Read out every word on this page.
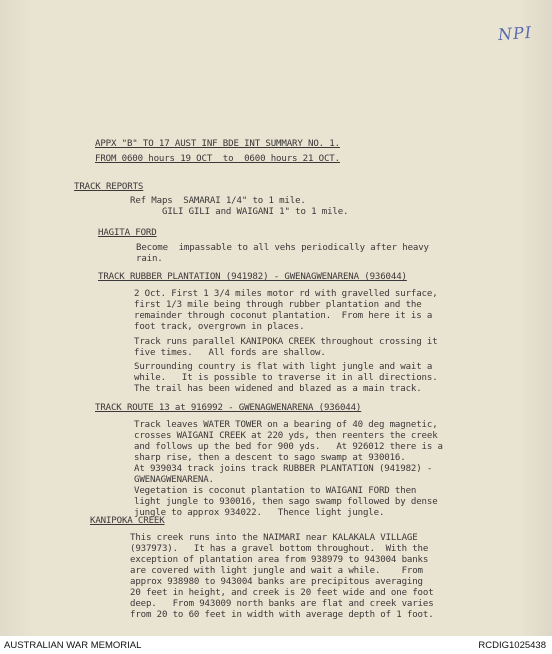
NPI
APPX "B" TO 17 AUST INF BDE INT SUMMARY NO. 1.
FROM 0600 hours 19 OCT  to  0600 hours 21 OCT.
TRACK REPORTS
Ref Maps  SAMARAI 1/4" to 1 mile.
GILI GILI and WAIGANI 1" to 1 mile.
HAGITA FORD
Become  impassable to all vehs periodically after heavy
rain.
TRACK RUBBER PLANTATION (941982) - GWENAGWENARENA (936044)
2 Oct. First 1 3/4 miles motor rd with gravelled surface,
first 1/3 mile being through rubber plantation and the
remainder through coconut plantation.  From here it is a
foot track, overgrown in places.
Track runs parallel KANIPOKA CREEK throughout crossing it
five times.   All fords are shallow.
Surrounding country is flat with light jungle and wait a
while.   It is possible to traverse it in all directions.
The trail has been widened and blazed as a main track.
TRACK ROUTE 13 at 916992 - GWENAGWENARENA (936044)
Track leaves WATER TOWER on a bearing of 40 deg magnetic,
crosses WAIGANI CREEK at 220 yds, then reenters the creek
and follows up the bed for 900 yds.   At 926012 there is a
sharp rise, then a descent to sago swamp at 930016.
At 939034 track joins track RUBBER PLANTATION (941982) -
GWENAGWENARENA.
Vegetation is coconut plantation to WAIGANI FORD then
light jungle to 930016, then sago swamp followed by dense
jungle to approx 934022.   Thence light jungle.
KANIPOKA CREEK
This creek runs into the NAIMARI near KALAKALA VILLAGE
(937973).   It has a gravel bottom throughout.  With the
exception of plantation area from 938979 to 943004 banks
are covered with light jungle and wait a while.    From
approx 938980 to 943004 banks are precipitous averaging
20 feet in height, and creek is 20 feet wide and one foot
deep.   From 943009 north banks are flat and creek varies
from 20 to 60 feet in width with average depth of 1 foot.
AUSTRALIAN WAR MEMORIAL	RCDIG1025438
